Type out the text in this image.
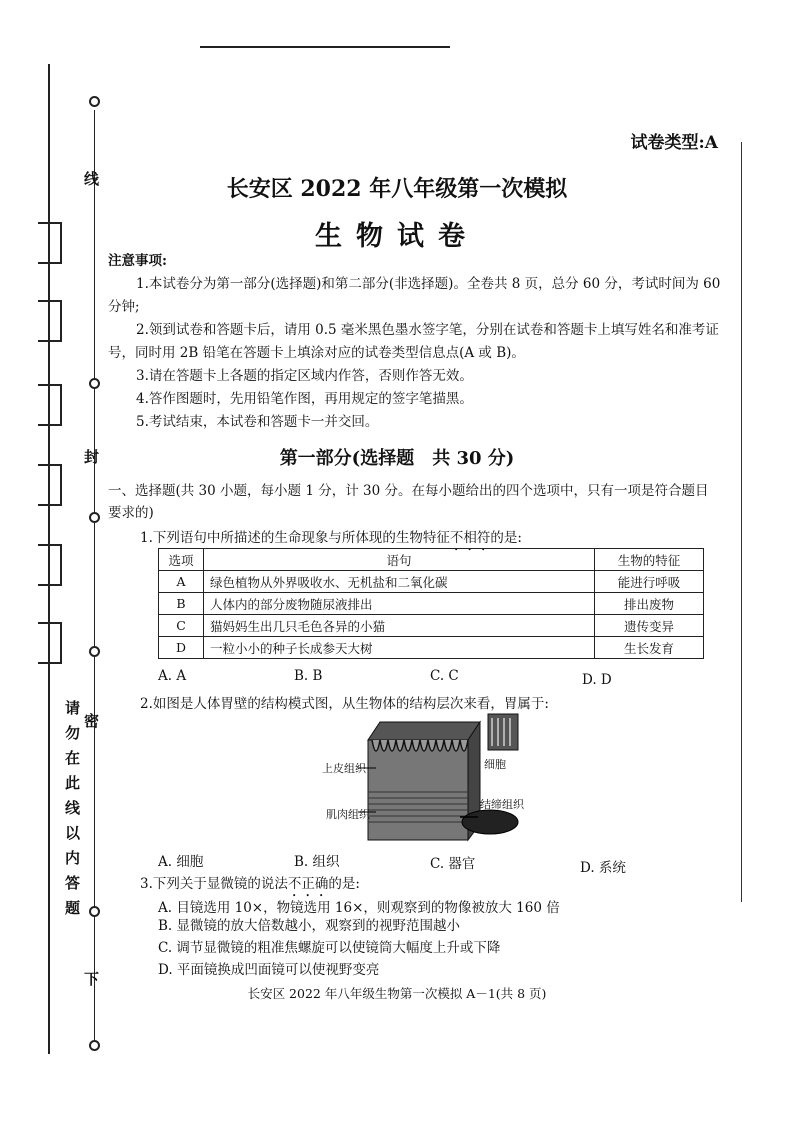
线
封
密
下
请勿在此线以内答题
试卷类型:A
长安区 2022 年八年级第一次模拟
生物试卷
注意事项:
1.本试卷分为第一部分(选择题)和第二部分(非选择题)。全卷共 8 页，总分 60 分，考试时间为 60 分钟;
2.领到试卷和答题卡后，请用 0.5 毫米黑色墨水签字笔，分别在试卷和答题卡上填写姓名和准考证号，同时用 2B 铅笔在答题卡上填涂对应的试卷类型信息点(A 或 B)。
3.请在答题卡上各题的指定区域内作答，否则作答无效。
4.答作图题时，先用铅笔作图，再用规定的签字笔描黑。
5.考试结束，本试卷和答题卡一并交回。
第一部分(选择题　共 30 分)
一、选择题(共 30 小题，每小题 1 分，计 30 分。在每小题给出的四个选项中，只有一项是符合题目要求的)
1.下列语句中所描述的生命现象与所体现的生物特征不相符的是:
选项	语句	生物的特征
A	绿色植物从外界吸收水、无机盐和二氧化碳	能进行呼吸
B	人体内的部分废物随尿液排出	排出废物
C	猫妈妈生出几只毛色各异的小猫	遗传变异
D	一粒小小的种子长成参天大树	生长发育
A. A	B. B	C. C	D. D
2.如图是人体胃壁的结构模式图，从生物体的结构层次来看，胃属于:
上皮组织	细胞
结缔组织
肌肉组织
A. 细胞	B. 组织	C. 器官	D. 系统
3.下列关于显微镜的说法不正确的是:
A. 目镜选用 10×，物镜选用 16×，则观察到的物像被放大 160 倍
B. 显微镜的放大倍数越小，观察到的视野范围越小
C. 调节显微镜的粗准焦螺旋可以使镜筒大幅度上升或下降
D. 平面镜换成凹面镜可以使视野变亮
长安区 2022 年八年级生物第一次模拟 A－1(共 8 页)
